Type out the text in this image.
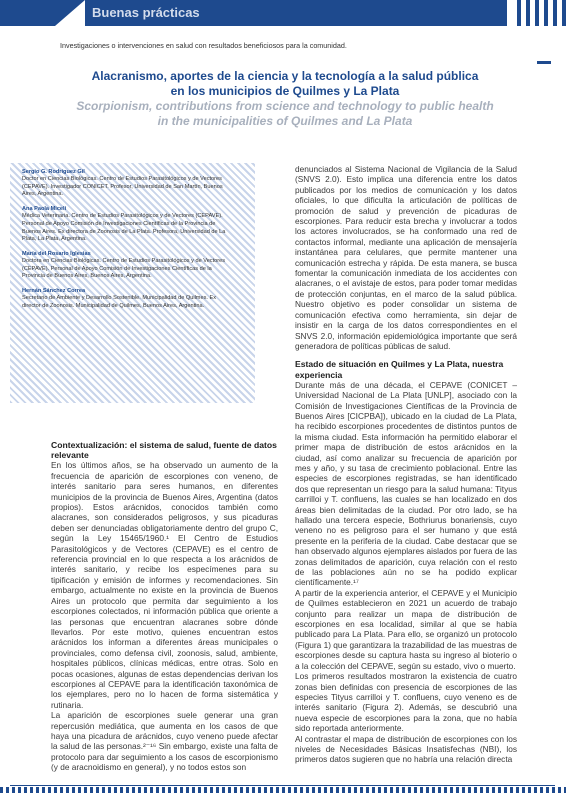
Buenas prácticas
Investigaciones o intervenciones en salud con resultados beneficiosos para la comunidad.
Alacranismo, aportes de la ciencia y la tecnología a la salud pública
en los municipios de Quilmes y La Plata
Scorpionism, contributions from science and technology to public health
in the municipalities of Quilmes and La Plata
Sergio G. Rodríguez Gil
Doctor en Ciencias Biológicas. Centro de Estudios Parasitológicos y de Vectores (CEPAVE). Investigador CONICET. Profesor, Universidad de San Martín, Buenos Aires, Argentina.
Ana Paola Miceli
Médica Veterinaria. Centro de Estudios Parasitológicos y de Vectores (CEPAVE). Personal de Apoyo Comisión de Investigaciones Científicas de la Provincia de Buenos Aires. Ex directora de Zoonosis de La Plata. Profesora, Universidad de La Plata, La Plata, Argentina.
María del Rosario Iglesias
Doctora en Ciencias Biológicas. Centro de Estudios Parasitológicos y de Vectores (CEPAVE). Personal de Apoyo Comisión de Investigaciones Científicas de la Provincia de Buenos Aires, Buenos Aires, Argentina.
Hernán Sánchez Correa
Secretario de Ambiente y Desarrollo Sostenible. Municipalidad de Quilmes. Ex director de Zoonosis. Municipalidad de Quilmes, Buenos Aires, Argentina.
Contextualización: el sistema de salud, fuente de datos relevante

En los últimos años, se ha observado un aumento de la frecuencia de aparición de escorpiones con veneno, de interés sanitario para seres humanos, en diferentes municipios de la provincia de Buenos Aires, Argentina (datos propios). Estos arácnidos, conocidos también como alacranes, son considerados peligrosos, y sus picaduras deben ser denunciadas obligatoriamente dentro del grupo C, según la Ley 15465/1960.¹ El Centro de Estudios Parasitológicos y de Vectores (CEPAVE) es el centro de referencia provincial en lo que respecta a los arácnidos de interés sanitario, y recibe los especímenes para su tipificación y emisión de informes y recomendaciones. Sin embargo, actualmente no existe en la provincia de Buenos Aires un protocolo que permita dar seguimiento a los escorpiones colectados, ni información pública que oriente a las personas que encuentran alacranes sobre dónde llevarlos. Por este motivo, quienes encuentran estos arácnidos los informan a diferentes áreas municipales o provinciales, como defensa civil, zoonosis, salud, ambiente, hospitales públicos, clínicas médicas, entre otras. Solo en pocas ocasiones, algunas de estas dependencias derivan los escorpiones al CEPAVE para la identificación taxonómica de los ejemplares, pero no lo hacen de forma sistemática y rutinaria.

La aparición de escorpiones suele generar una gran repercusión mediática, que aumenta en los casos de que haya una picadura de arácnidos, cuyo veneno puede afectar la salud de las personas.²⁻¹⁶ Sin embargo, existe una falta de protocolo para dar seguimiento a los casos de escorpionismo (y de aracnoidismo en general), y no todos estos son

denunciados al Sistema Nacional de Vigilancia de la Salud (SNVS 2.0). Esto implica una diferencia entre los datos publicados por los medios de comunicación y los datos oficiales, lo que dificulta la articulación de políticas de promoción de salud y prevención de picaduras de escorpiones. Para reducir esta brecha y involucrar a todos los actores involucrados, se ha conformado una red de contactos informal, mediante una aplicación de mensajería instantánea para celulares, que permite mantener una comunicación estrecha y rápida. De esta manera, se busca fomentar la comunicación inmediata de los accidentes con alacranes, o el avistaje de estos, para poder tomar medidas de protección conjuntas, en el marco de la salud pública. Nuestro objetivo es poder consolidar un sistema de comunicación efectiva como herramienta, sin dejar de insistir en la carga de los datos correspondientes en el SNVS 2.0, información epidemiológica importante que será generadora de políticas públicas de salud.

Estado de situación en Quilmes y La Plata, nuestra experiencia

Durante más de una década, el CEPAVE (CONICET – Universidad Nacional de La Plata [UNLP], asociado con la Comisión de Investigaciones Científicas de la Provincia de Buenos Aires [CICPBA]), ubicado en la ciudad de La Plata, ha recibido escorpiones procedentes de distintos puntos de la misma ciudad. Esta información ha permitido elaborar el primer mapa de distribución de estos arácnidos en la ciudad, así como analizar su frecuencia de aparición por mes y año, y su tasa de crecimiento poblacional. Entre las especies de escorpiones registradas, se han identificado dos que representan un riesgo para la salud humana: Tityus carrilloi y T. confluens, las cuales se han localizado en dos áreas bien delimitadas de la ciudad. Por otro lado, se ha hallado una tercera especie, Bothriurus bonariensis, cuyo veneno no es peligroso para el ser humano y que está presente en la periferia de la ciudad. Cabe destacar que se han observado algunos ejemplares aislados por fuera de las zonas delimitados de aparición, cuya relación con el resto de las poblaciones aún no se ha podido explicar científicamente.¹⁷

A partir de la experiencia anterior, el CEPAVE y el Municipio de Quilmes establecieron en 2021 un acuerdo de trabajo conjunto para realizar un mapa de distribución de escorpiones en esa localidad, similar al que se había publicado para La Plata. Para ello, se organizó un protocolo (Figura 1) que garantizara la trazabilidad de las muestras de escorpiones desde su captura hasta su ingreso al bioterio o a la colección del CEPAVE, según su estado, vivo o muerto.

Los primeros resultados mostraron la existencia de cuatro zonas bien definidas con presencia de escorpiones de las especies Tityus carrilloi y T. confluens, cuyo veneno es de interés sanitario (Figura 2). Además, se descubrió una nueva especie de escorpiones para la zona, que no había sido reportada anteriormente.

Al contrastar el mapa de distribución de escorpiones con los niveles de Necesidades Básicas Insatisfechas (NBI), los primeros datos sugieren que no habría una relación directa
